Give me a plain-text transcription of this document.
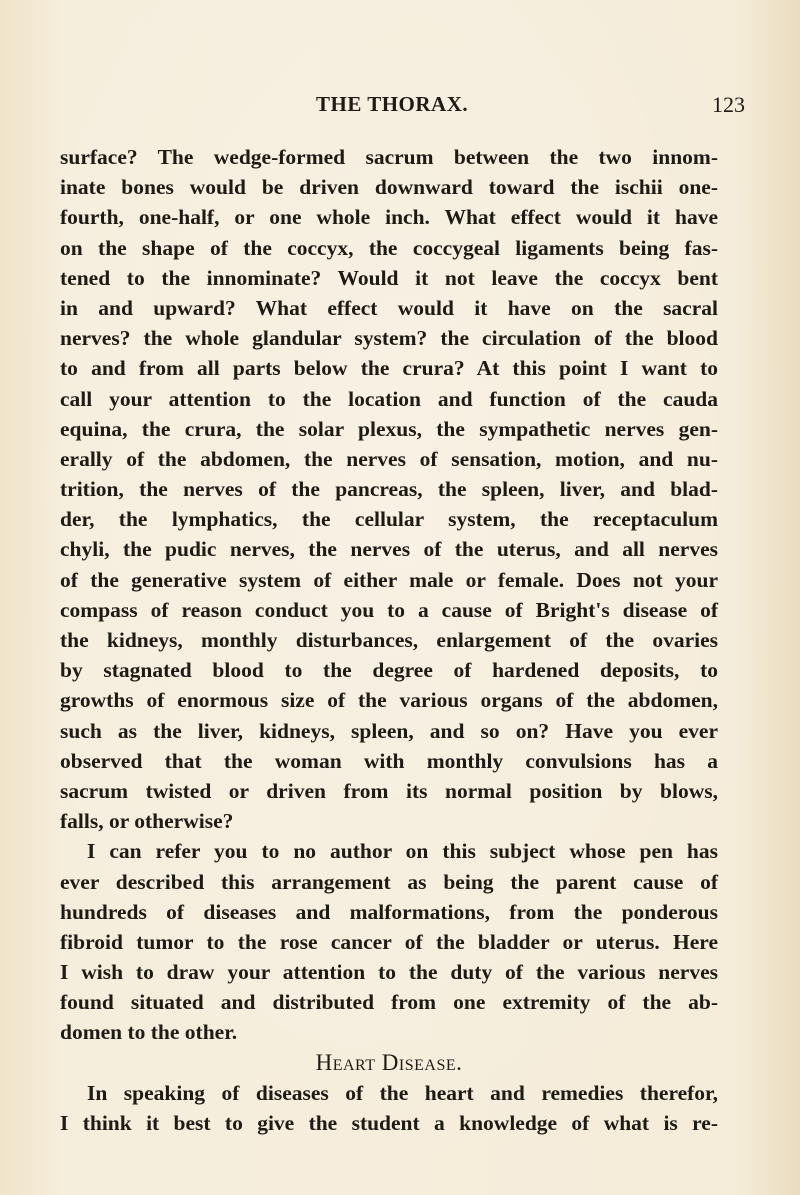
THE THORAX.	123
surface? The wedge-formed sacrum between the two innom-
inate bones would be driven downward toward the ischii one-
fourth, one-half, or one whole inch. What effect would it have
on the shape of the coccyx, the coccygeal ligaments being fas-
tened to the innominate? Would it not leave the coccyx bent
in and upward? What effect would it have on the sacral
nerves? the whole glandular system? the circulation of the blood
to and from all parts below the crura? At this point I want to
call your attention to the location and function of the cauda
equina, the crura, the solar plexus, the sympathetic nerves gen-
erally of the abdomen, the nerves of sensation, motion, and nu-
trition, the nerves of the pancreas, the spleen, liver, and blad-
der, the lymphatics, the cellular system, the receptaculum
chyli, the pudic nerves, the nerves of the uterus, and all nerves
of the generative system of either male or female. Does not your
compass of reason conduct you to a cause of Bright's disease of
the kidneys, monthly disturbances, enlargement of the ovaries
by stagnated blood to the degree of hardened deposits, to
growths of enormous size of the various organs of the abdomen,
such as the liver, kidneys, spleen, and so on? Have you ever
observed that the woman with monthly convulsions has a
sacrum twisted or driven from its normal position by blows,
falls, or otherwise?
I can refer you to no author on this subject whose pen has
ever described this arrangement as being the parent cause of
hundreds of diseases and malformations, from the ponderous
fibroid tumor to the rose cancer of the bladder or uterus. Here
I wish to draw your attention to the duty of the various nerves
found situated and distributed from one extremity of the ab-
domen to the other.
Heart Disease.
In speaking of diseases of the heart and remedies therefor,
I think it best to give the student a knowledge of what is re-
